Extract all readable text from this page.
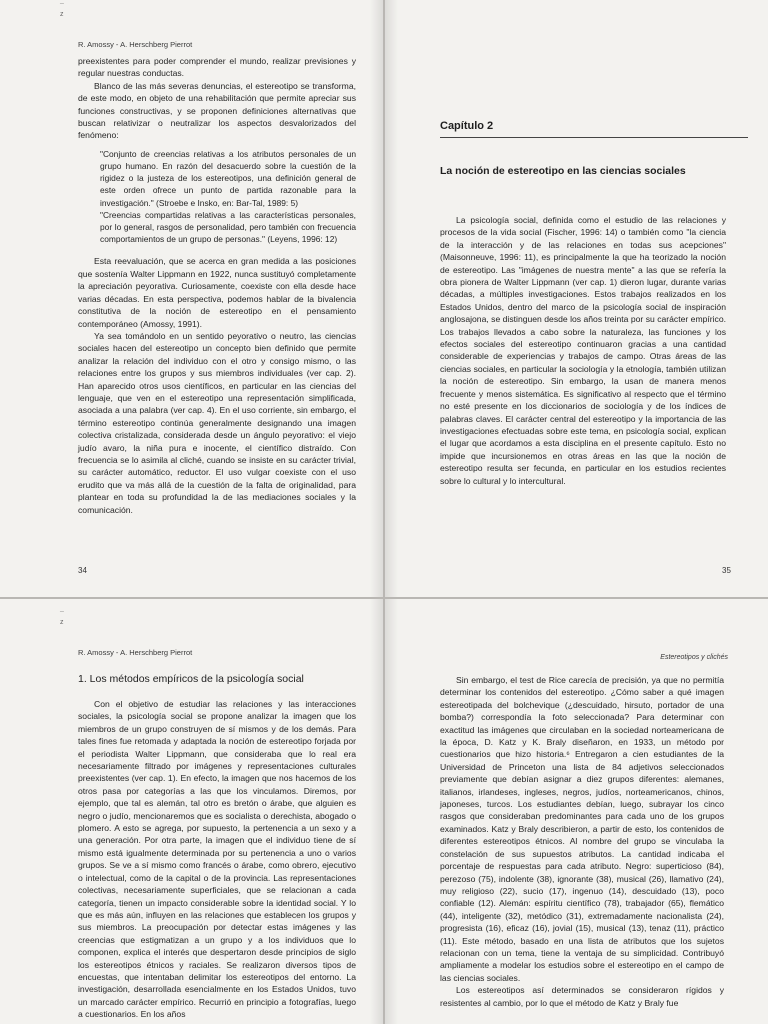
¯
z
R. Amossy - A. Herschberg Pierrot

preexistentes para poder comprender el mundo, realizar previsiones y regular nuestras conductas.

Blanco de las más severas denuncias, el estereotipo se transforma, de este modo, en objeto de una rehabilitación que permite apreciar sus funciones constructivas, y se proponen definiciones alternativas que buscan relativizar o neutralizar los aspectos desvalorizados del fenómeno:

"Conjunto de creencias relativas a los atributos personales de un grupo humano. En razón del desacuerdo sobre la cuestión de la rigidez o la justeza de los estereotipos, una definición general de este orden ofrece un punto de partida razonable para la investigación." (Stroebe e Insko, en: Bar-Tal, 1989: 5)

"Creencias compartidas relativas a las características personales, por lo general, rasgos de personalidad, pero también con frecuencia comportamientos de un grupo de personas." (Leyens, 1996: 12)

Esta reevaluación, que se acerca en gran medida a las posiciones que sostenía Walter Lippmann en 1922, nunca sustituyó completamente la apreciación peyorativa. Curiosamente, coexiste con ella desde hace varias décadas. En esta perspectiva, podemos hablar de la bivalencia constitutiva de la noción de estereotipo en el pensamiento contemporáneo (Amossy, 1991).

Ya sea tomándolo en un sentido peyorativo o neutro, las ciencias sociales hacen del estereotipo un concepto bien definido que permite analizar la relación del individuo con el otro y consigo mismo, o las relaciones entre los grupos y sus miembros individuales (ver cap. 2). Han aparecido otros usos científicos, en particular en las ciencias del lenguaje, que ven en el estereotipo una representación simplificada, asociada a una palabra (ver cap. 4). En el uso corriente, sin embargo, el término estereotipo continúa generalmente designando una imagen colectiva cristalizada, considerada desde un ángulo peyorativo: el viejo judío avaro, la niña pura e inocente, el científico distraído. Con frecuencia se lo asimila al cliché, cuando se insiste en su carácter trivial, su carácter automático, reductor. El uso vulgar coexiste con el uso erudito que va más allá de la cuestión de la falta de originalidad, para plantear en toda su profundidad la de las mediaciones sociales y la comunicación.

34
Capítulo 2
La noción de estereotipo en las ciencias sociales

La psicología social, definida como el estudio de las relaciones y procesos de la vida social (Fischer, 1996: 14) o también como "la ciencia de la interacción y de las relaciones en todas sus acepciones" (Maisonneuve, 1996: 11), es principalmente la que ha teorizado la noción de estereotipo. Las "imágenes de nuestra mente" a las que se refería la obra pionera de Walter Lippmann (ver cap. 1) dieron lugar, durante varias décadas, a múltiples investigaciones. Estos trabajos realizados en los Estados Unidos, dentro del marco de la psicología social de inspiración anglosajona, se distinguen desde los años treinta por su carácter empírico. Los trabajos llevados a cabo sobre la naturaleza, las funciones y los efectos sociales del estereotipo continuaron gracias a una cantidad considerable de experiencias y trabajos de campo. Otras áreas de las ciencias sociales, en particular la sociología y la etnología, también utilizan la noción de estereotipo. Sin embargo, la usan de manera menos frecuente y menos sistemática. Es significativo al respecto que el término no esté presente en los diccionarios de sociología y de los índices de palabras claves. El carácter central del estereotipo y la importancia de las investigaciones efectuadas sobre este tema, en psicología social, explican el lugar que acordamos a esta disciplina en el presente capítulo. Esto no impide que incursionemos en otras áreas en las que la noción de estereotipo resulta ser fecunda, en particular en los estudios recientes sobre lo cultural y lo intercultural.

35
¯
z
R. Amossy - A. Herschberg Pierrot
1. Los métodos empíricos de la psicología social

Con el objetivo de estudiar las relaciones y las interacciones sociales, la psicología social se propone analizar la imagen que los miembros de un grupo construyen de sí mismos y de los demás. Para tales fines fue retomada y adaptada la noción de estereotipo forjada por el periodista Walter Lippmann, que consideraba que lo real era necesariamente filtrado por imágenes y representaciones culturales preexistentes (ver cap. 1). En efecto, la imagen que nos hacemos de los otros pasa por categorías a las que los vinculamos. Diremos, por ejemplo, que tal es alemán, tal otro es bretón o árabe, que alguien es negro o judío, mencionaremos que es socialista o derechista, abogado o plomero. A esto se agrega, por supuesto, la pertenencia a un sexo y a una generación. Por otra parte, la imagen que el individuo tiene de sí mismo está igualmente determinada por su pertenencia a uno o varios grupos. Se ve a sí mismo como francés o árabe, como obrero, ejecutivo o intelectual, como de la capital o de la provincia. Las representaciones colectivas, necesariamente superficiales, que se relacionan a cada categoría, tienen un impacto considerable sobre la identidad social. Y lo que es más aún, influyen en las relaciones que establecen los grupos y sus miembros. La preocupación por detectar estas imágenes y las creencias que estigmatizan a un grupo y a los individuos que lo componen, explica el interés que despertaron desde principios de siglo los estereotipos étnicos y raciales. Se realizaron diversos tipos de encuestas, que intentaban delimitar los estereotipos del entorno. La investigación, desarrollada esencialmente en los Estados Unidos, tuvo un marcado carácter empírico. Recurrió en principio a fotografías, luego a cuestionarios. En los años

Estereotipos y clichés

Sin embargo, el test de Rice carecía de precisión, ya que no permitía determinar los contenidos del estereotipo. ¿Cómo saber a qué imagen estereotipada del bolchevique (¿descuidado, hirsuto, portador de una bomba?) correspondía la foto seleccionada? Para determinar con exactitud las imágenes que circulaban en la sociedad norteamericana de la época, D. Katz y K. Braly diseñaron, en 1933, un método por cuestionarios que hizo historia.⁶ Entregaron a cien estudiantes de la Universidad de Princeton una lista de 84 adjetivos seleccionados previamente que debían asignar a diez grupos diferentes: alemanes, italianos, irlandeses, ingleses, negros, judíos, norteamericanos, chinos, japoneses, turcos. Los estudiantes debían, luego, subrayar los cinco rasgos que consideraban predominantes para cada uno de los grupos examinados. Katz y Braly describieron, a partir de esto, los contenidos de diferentes estereotipos étnicos. Al nombre del grupo se vinculaba la constelación de sus supuestos atributos. La cantidad indicaba el porcentaje de respuestas para cada atributo. Negro: superticioso (84), perezoso (75), indolente (38), ignorante (38), musical (26), llamativo (24), muy religioso (22), sucio (17), ingenuo (14), descuidado (13), poco confiable (12). Alemán: espíritu científico (78), trabajador (65), flemático (44), inteligente (32), metódico (31), extremadamente nacionalista (24), progresista (16), eficaz (16), jovial (15), musical (13), tenaz (11), práctico (11). Este método, basado en una lista de atributos que los sujetos relacionan con un tema, tiene la ventaja de su simplicidad. Contribuyó ampliamente a modelar los estudios sobre el estereotipo en el campo de las ciencias sociales.

Los estereotipos así determinados se consideraron rígidos y resistentes al cambio, por lo que el método de Katz y Braly fue
